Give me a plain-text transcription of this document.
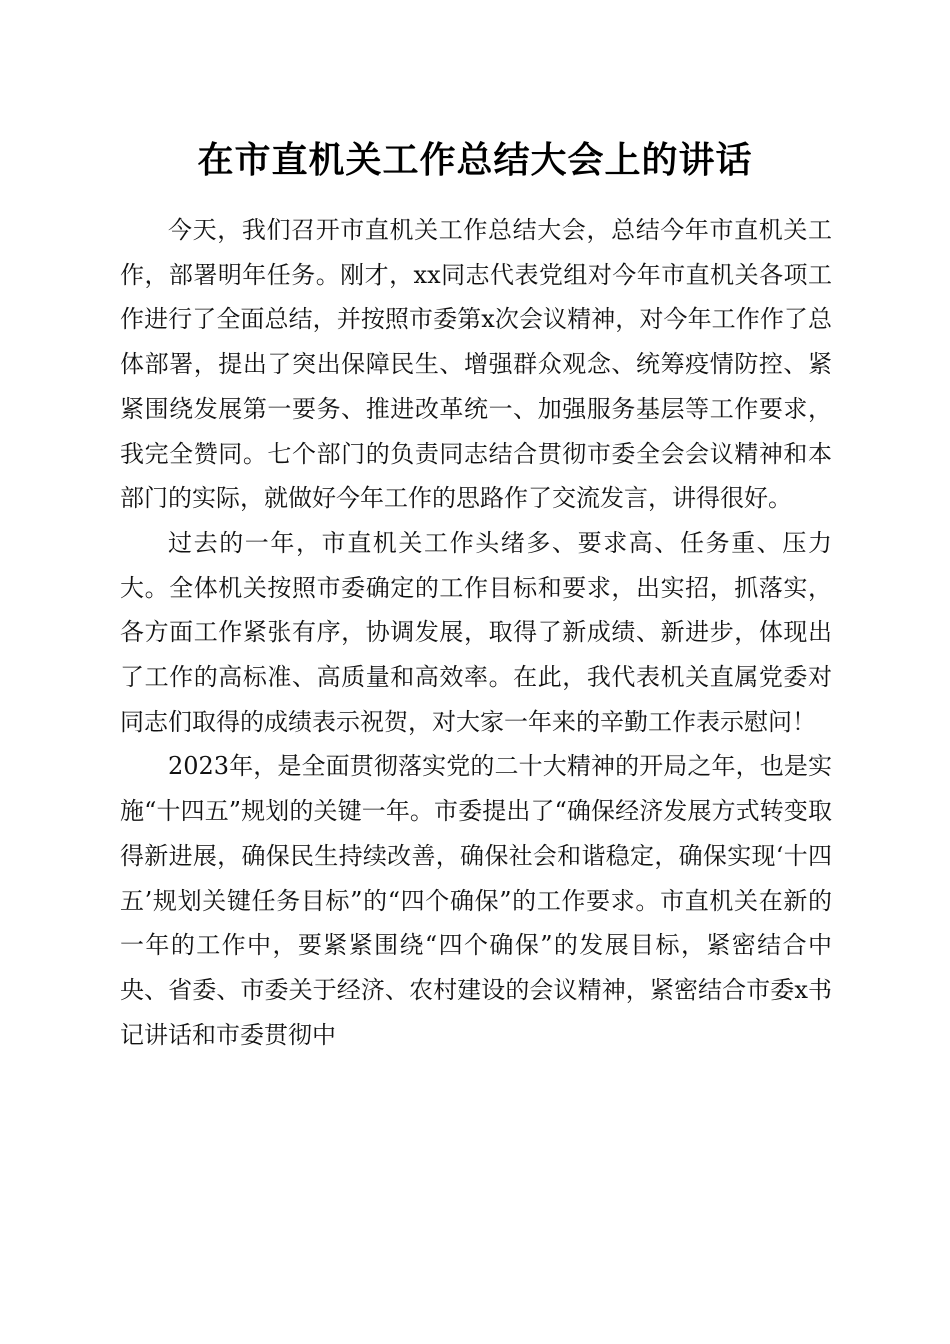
在市直机关工作总结大会上的讲话

今天，我们召开市直机关工作总结大会，总结今年市直机关工作，部署明年任务。刚才，xx同志代表党组对今年市直机关各项工作进行了全面总结，并按照市委第x次会议精神，对今年工作作了总体部署，提出了突出保障民生、增强群众观念、统筹疫情防控、紧紧围绕发展第一要务、推进改革统一、加强服务基层等工作要求，我完全赞同。七个部门的负责同志结合贯彻市委全会会议精神和本部门的实际，就做好今年工作的思路作了交流发言，讲得很好。

过去的一年，市直机关工作头绪多、要求高、任务重、压力大。全体机关按照市委确定的工作目标和要求，出实招，抓落实，各方面工作紧张有序，协调发展，取得了新成绩、新进步，体现出了工作的高标准、高质量和高效率。在此，我代表机关直属党委对同志们取得的成绩表示祝贺，对大家一年来的辛勤工作表示慰问！

2023年，是全面贯彻落实党的二十大精神的开局之年，也是实施“十四五”规划的关键一年。市委提出了“确保经济发展方式转变取得新进展，确保民生持续改善，确保社会和谐稳定，确保实现‘十四五’规划关键任务目标”的“四个确保”的工作要求。市直机关在新的一年的工作中，要紧紧围绕“四个确保”的发展目标，紧密结合中央、省委、市委关于经济、农村建设的会议精神，紧密结合市委x书记讲话和市委贯彻中
